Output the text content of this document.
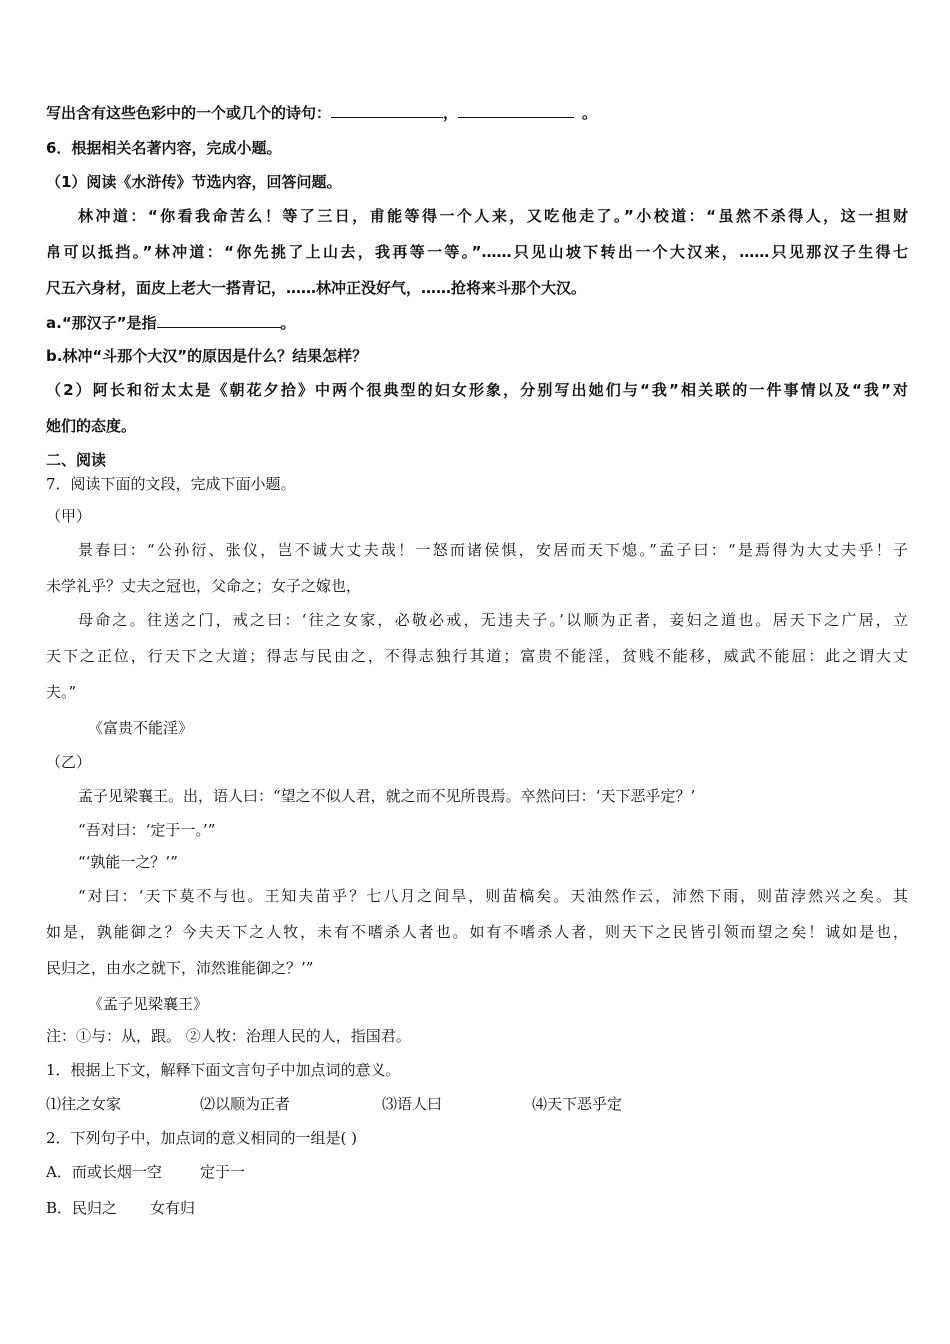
写出含有这些色彩中的一个或几个的诗句：	，	。
6．根据相关名著内容，完成小题。
（1）阅读《水浒传》节选内容，回答问题。
林冲道：“你看我命苦么！等了三日，甫能等得一个人来，又吃他走了。”小校道：“虽然不杀得人，这一担财
帛可以抵挡。”林冲道：“你先挑了上山去，我再等一等。”……只见山坡下转出一个大汉来，……只见那汉子生得七
尺五六身材，面皮上老大一搭青记，……林冲正没好气，……抢将来斗那个大汉。
a.“那汉子”是指	。
b.林冲“斗那个大汉”的原因是什么？结果怎样？
（2）阿长和衍太太是《朝花夕拾》中两个很典型的妇女形象，分别写出她们与“我”相关联的一件事情以及“我”对
她们的态度。
二、阅读
7．阅读下面的文段，完成下面小题。
（甲）
景春曰：“公孙衍、张仪，岂不诚大丈夫哉！一怒而诸侯惧，安居而天下熄。”孟子曰：“是焉得为大丈夫乎！子
未学礼乎？丈夫之冠也，父命之；女子之嫁也，
母命之。往送之门，戒之曰：‘往之女家，必敬必戒，无违夫子。’以顺为正者，妾妇之道也。居天下之广居，立
天下之正位，行天下之大道；得志与民由之，不得志独行其道；富贵不能淫，贫贱不能移，威武不能屈：此之谓大丈
夫。”
《富贵不能淫》
（乙）
孟子见梁襄王。出，语人曰：“望之不似人君，就之而不见所畏焉。卒然问曰：‘天下恶乎定？’
“吾对曰：‘定于一。’”
“‘孰能一之？’”
“对曰：‘天下莫不与也。王知夫苗乎？七八月之间旱，则苗槁矣。天油然作云，沛然下雨，则苗浡然兴之矣。其
如是，孰能御之？今夫天下之人牧，未有不嗜杀人者也。如有不嗜杀人者，则天下之民皆引领而望之矣！诚如是也，
民归之，由水之就下，沛然谁能御之？’”
《孟子见梁襄王》
注：①与：从，跟。 ②人牧：治理人民的人，指国君。
1．根据上下文，解释下面文言句子中加点词的意义。
⑴往之女家	⑵以顺为正者	⑶语人曰	⑷天下恶乎定
2．下列句子中，加点词的意义相同的一组是( )
A．而或长烟一空	定于一
B．民归之 女有归
